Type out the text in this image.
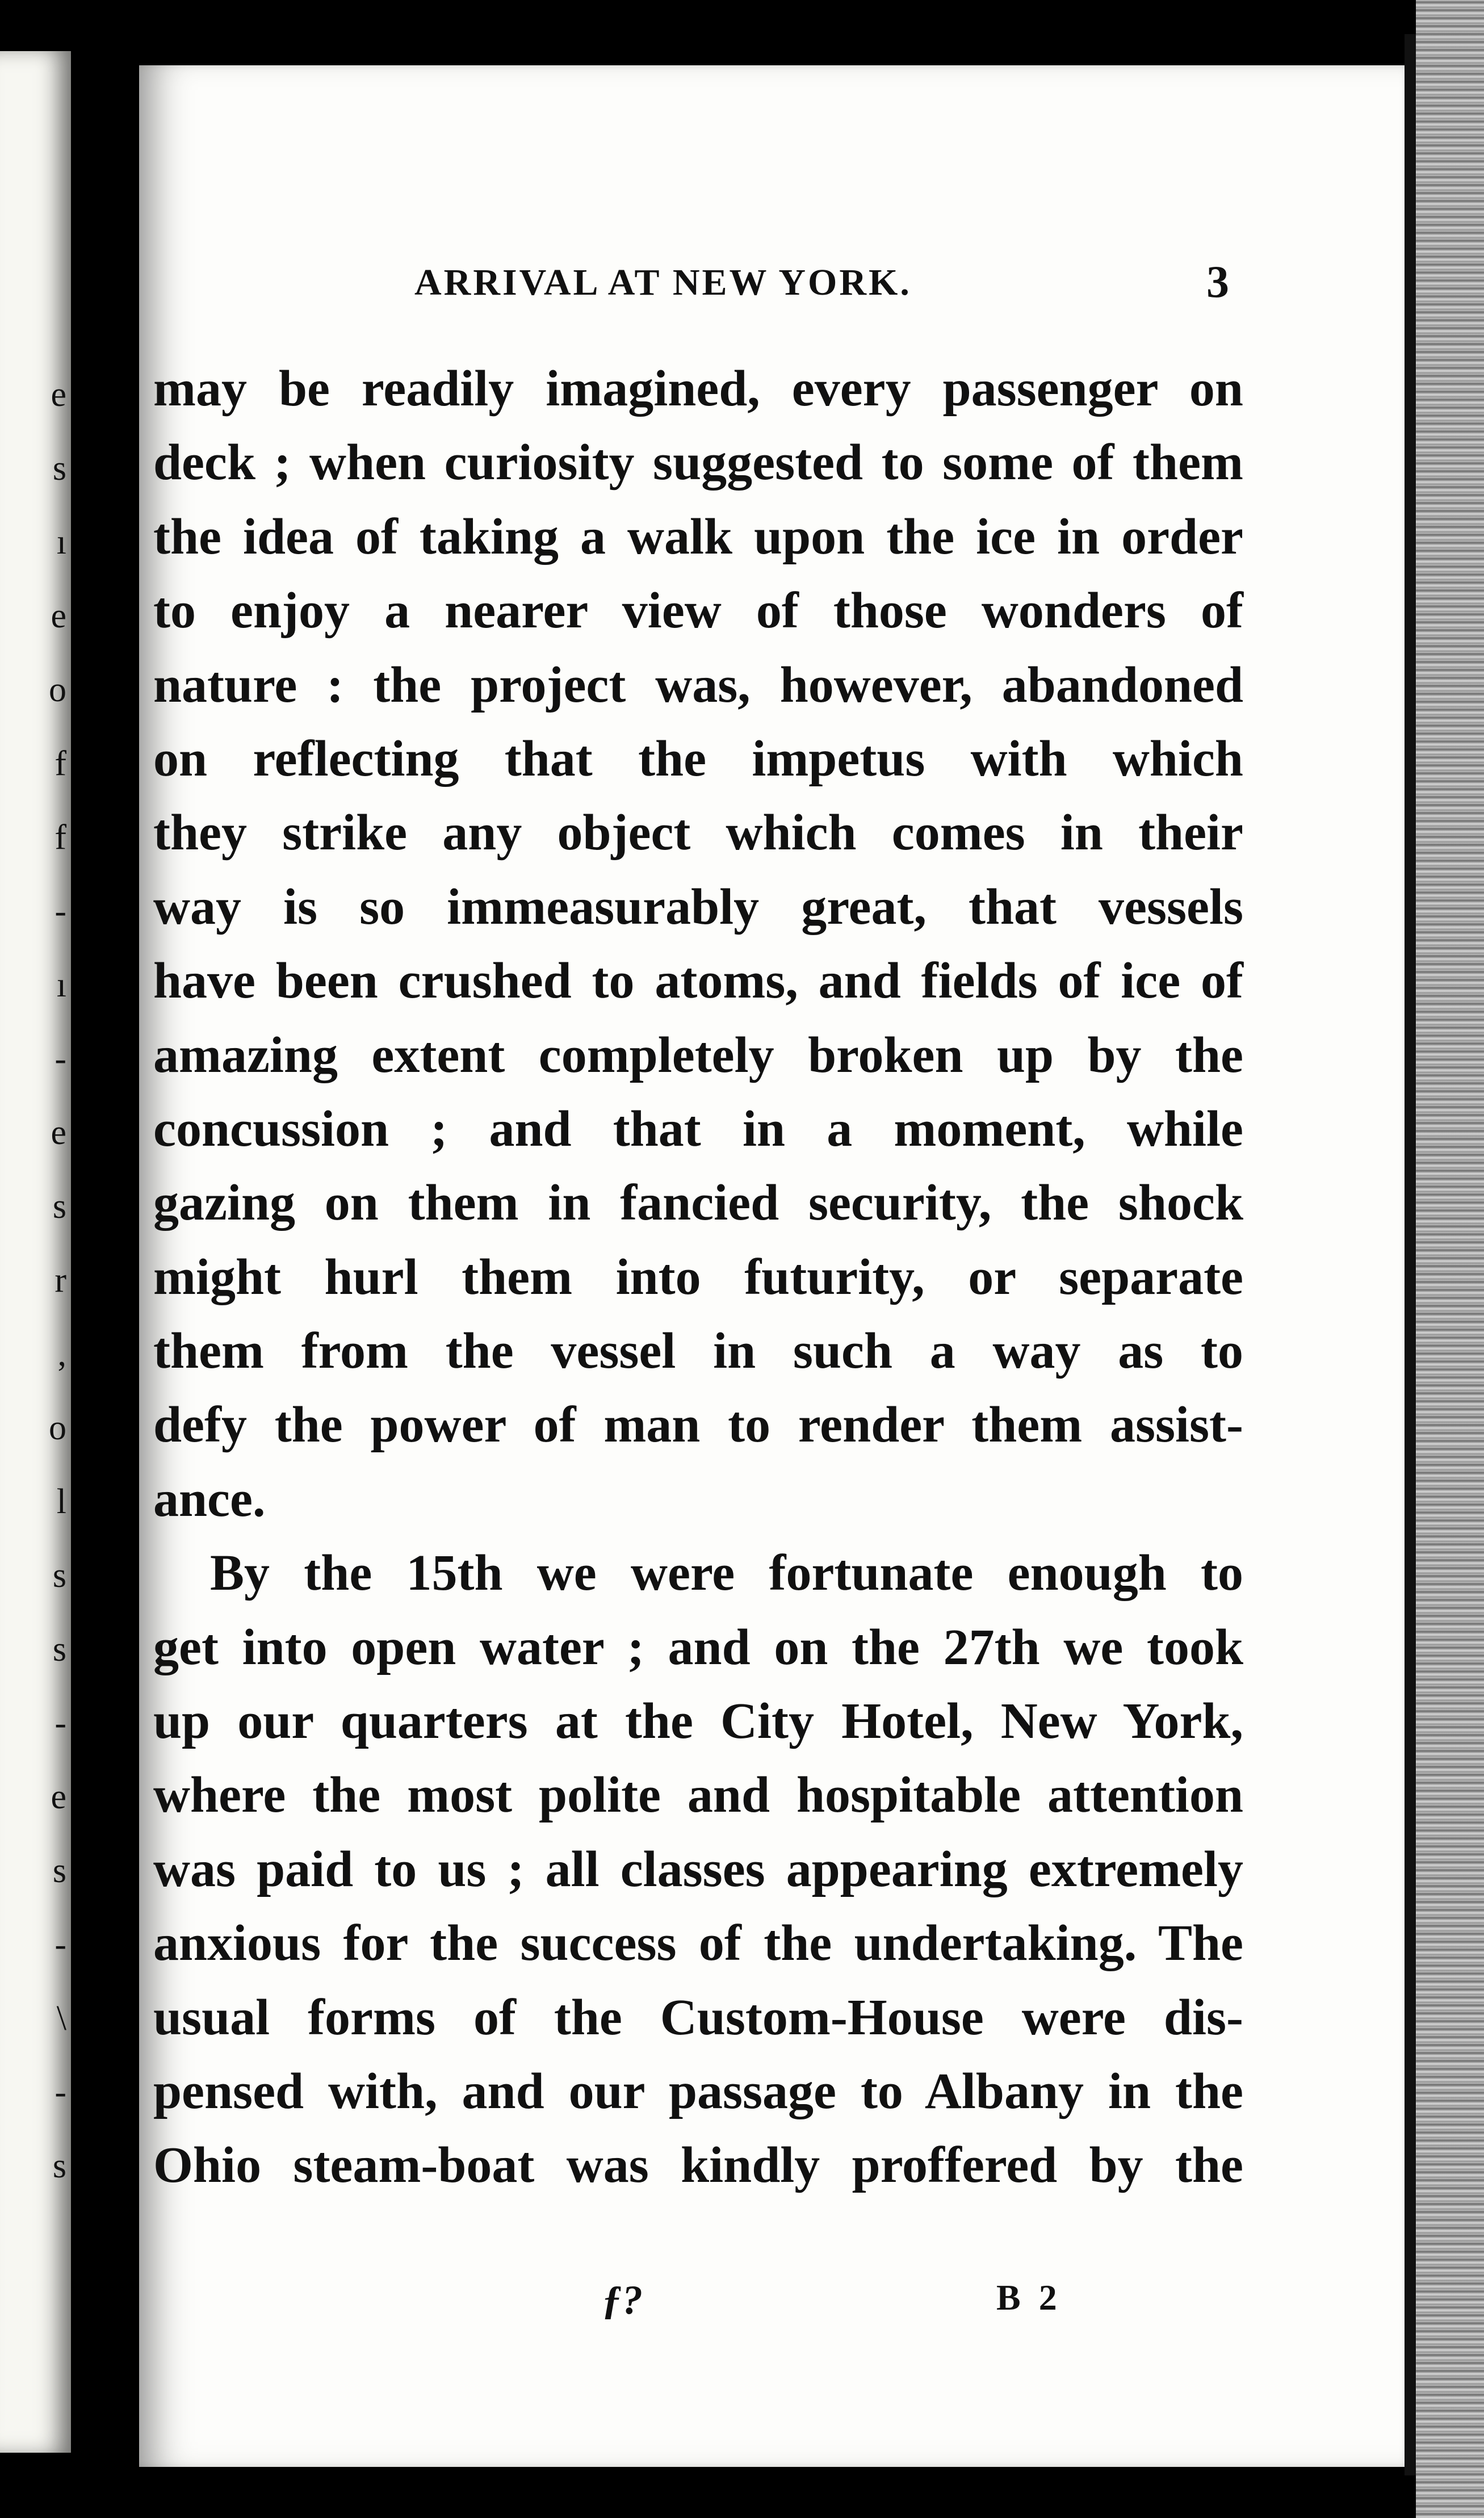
e
s
ı
e
o
f
f
-
ı
-
e
s
r
,
o
l
s
s
-
e
s
-
\
-
s
ARRIVAL AT NEW YORK.	3
may be readily imagined, every passenger on
deck ; when curiosity suggested to some of them
the idea of taking a walk upon the ice in order
to enjoy a nearer view of those wonders of
nature : the project was, however, abandoned
on reflecting that the impetus with which
they strike any object which comes in their
way is so immeasurably great, that vessels
have been crushed to atoms, and fields of ice of
amazing extent completely broken up by the
concussion ; and that in a moment, while
gazing on them in fancied security, the shock
might hurl them into futurity, or separate
them from the vessel in such a way as to
defy the power of man to render them assist-
ance.
By the 15th we were fortunate enough to
get into open water ; and on the 27th we took
up our quarters at the City Hotel, New York,
where the most polite and hospitable attention
was paid to us ; all classes appearing extremely
anxious for the success of the undertaking. The
usual forms of the Custom-House were dis-
pensed with, and our passage to Albany in the
Ohio steam-boat was kindly proffered by the
ƒ?	B 2
